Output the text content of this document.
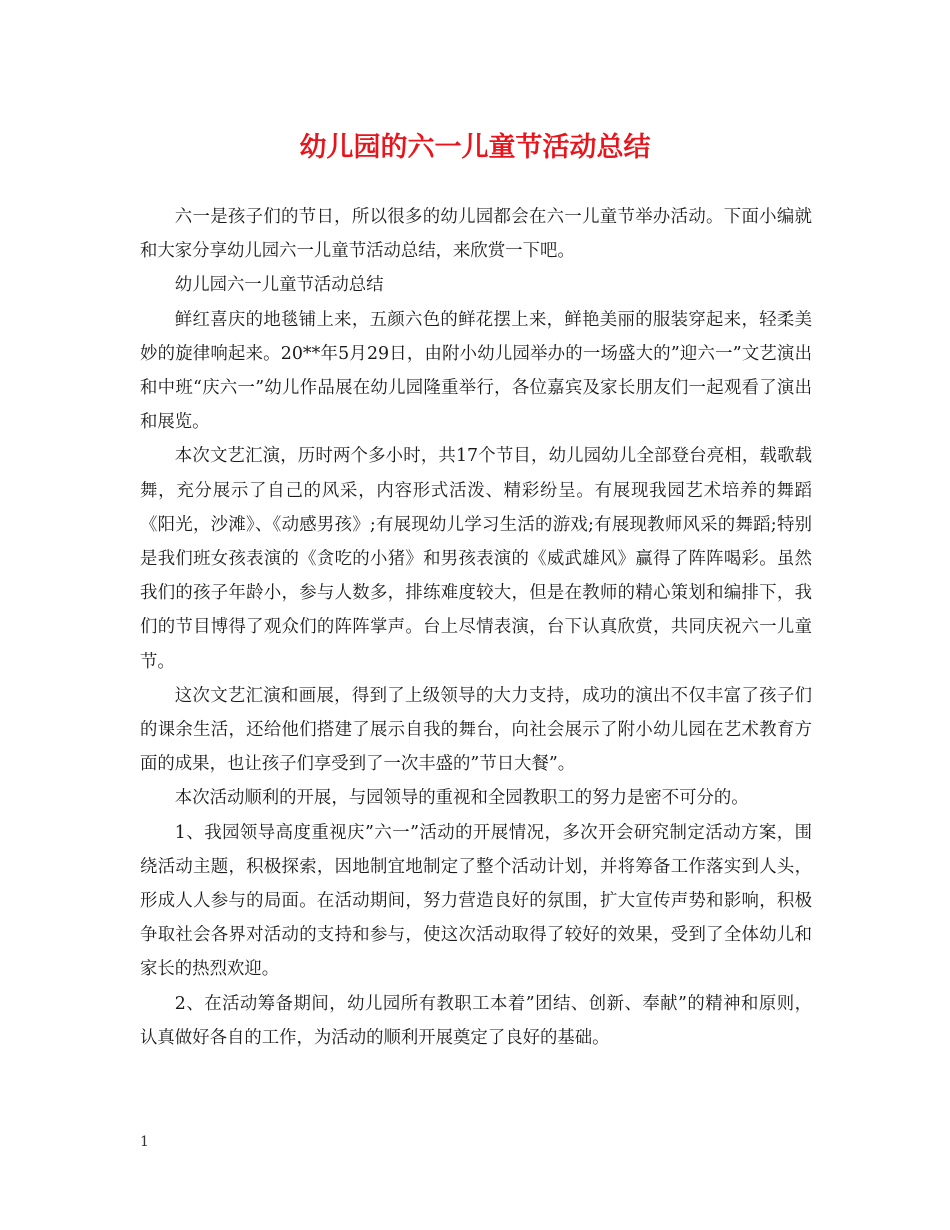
幼儿园的六一儿童节活动总结

六一是孩子们的节日，所以很多的幼儿园都会在六一儿童节举办活动。下面小编就和大家分享幼儿园六一儿童节活动总结，来欣赏一下吧。

幼儿园六一儿童节活动总结

鲜红喜庆的地毯铺上来，五颜六色的鲜花摆上来，鲜艳美丽的服装穿起来，轻柔美妙的旋律响起来。20**年5月29日，由附小幼儿园举办的一场盛大的”迎六一”文艺演出和中班“庆六一”幼儿作品展在幼儿园隆重举行，各位嘉宾及家长朋友们一起观看了演出和展览。

本次文艺汇演，历时两个多小时，共17个节目，幼儿园幼儿全部登台亮相，载歌载舞，充分展示了自己的风采，内容形式活泼、精彩纷呈。有展现我园艺术培养的舞蹈《阳光，沙滩》、《动感男孩》;有展现幼儿学习生活的游戏;有展现教师风采的舞蹈;特别是我们班女孩表演的《贪吃的小猪》和男孩表演的《威武雄风》赢得了阵阵喝彩。虽然我们的孩子年龄小，参与人数多，排练难度较大，但是在教师的精心策划和编排下，我们的节目博得了观众们的阵阵掌声。台上尽情表演，台下认真欣赏，共同庆祝六一儿童节。

这次文艺汇演和画展，得到了上级领导的大力支持，成功的演出不仅丰富了孩子们的课余生活，还给他们搭建了展示自我的舞台，向社会展示了附小幼儿园在艺术教育方面的成果，也让孩子们享受到了一次丰盛的”节日大餐”。

本次活动顺利的开展，与园领导的重视和全园教职工的努力是密不可分的。

1、我园领导高度重视庆”六一”活动的开展情况，多次开会研究制定活动方案，围绕活动主题，积极探索，因地制宜地制定了整个活动计划，并将筹备工作落实到人头，形成人人参与的局面。在活动期间，努力营造良好的氛围，扩大宣传声势和影响，积极争取社会各界对活动的支持和参与，使这次活动取得了较好的效果，受到了全体幼儿和家长的热烈欢迎。

2、在活动筹备期间，幼儿园所有教职工本着”团结、创新、奉献”的精神和原则，认真做好各自的工作，为活动的顺利开展奠定了良好的基础。

1
